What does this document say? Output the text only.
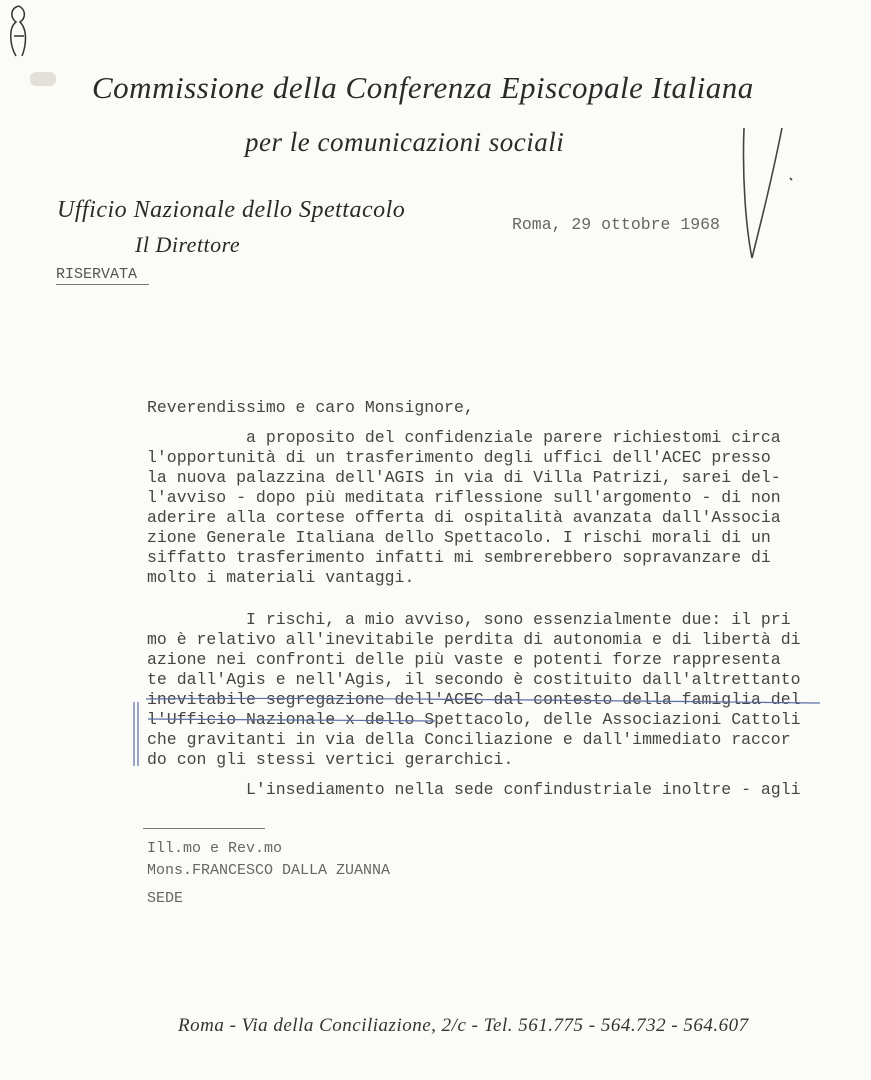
Commissione della Conferenza Episcopale Italiana
per le comunicazioni sociali
Ufficio Nazionale dello Spettacolo
Il Direttore
Roma, 29 ottobre 1968
RISERVATA
Reverendissimo e caro Monsignore,
a proposito del confidenziale parere richiestomi circa
l'opportunità di un trasferimento degli uffici dell'ACEC presso
la nuova palazzina dell'AGIS in via di Villa Patrizi, sarei del-
l'avviso - dopo più meditata riflessione sull'argomento - di non
aderire alla cortese offerta di ospitalità avanzata dall'Associa
zione Generale Italiana dello Spettacolo. I rischi morali di un
siffatto trasferimento infatti mi sembrerebbero sopravanzare di
molto i materiali vantaggi.
I rischi, a mio avviso, sono essenzialmente due: il pri
mo è relativo all'inevitabile perdita di autonomia e di libertà di
azione nei confronti delle più vaste e potenti forze rappresenta
te dall'Agis e nell'Agis, il secondo è costituito dall'altrettanto
inevitabile segregazione dell'ACEC dal contesto della famiglia del
l'Ufficio Nazionale x dello Spettacolo, delle Associazioni Cattoli
che gravitanti in via della Conciliazione e dall'immediato raccor
do con gli stessi vertici gerarchici.
L'insediamento nella sede confindustriale inoltre - agli
Ill.mo e Rev.mo
Mons.FRANCESCO DALLA ZUANNA
SEDE
Roma - Via della Conciliazione, 2/c - Tel. 561.775 - 564.732 - 564.607
